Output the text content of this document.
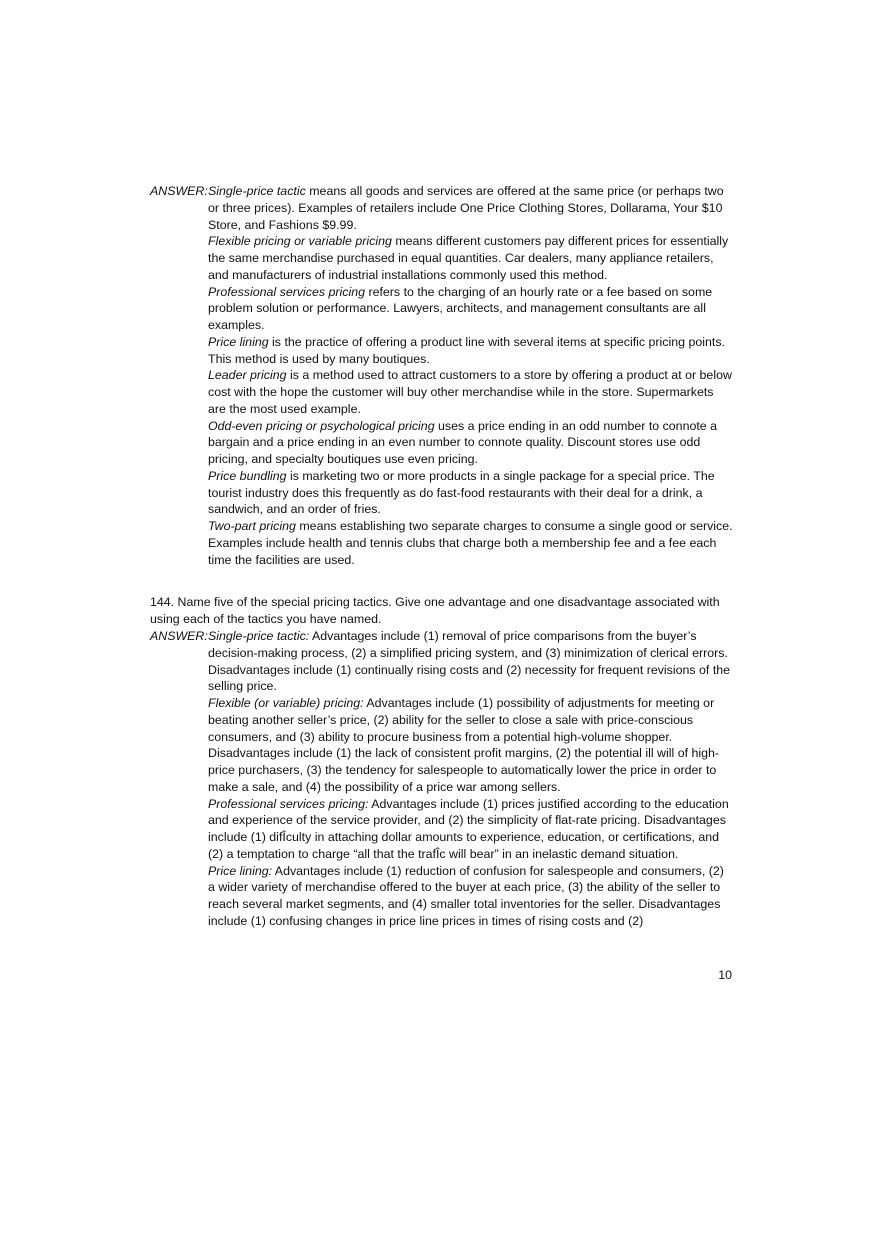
ANSWER: Single-price tactic means all goods and services are offered at the same price (or perhaps two or three prices). Examples of retailers include One Price Clothing Stores, Dollarama, Your $10 Store, and Fashions $9.99.

Flexible pricing or variable pricing means different customers pay different prices for essentially the same merchandise purchased in equal quantities. Car dealers, many appliance retailers, and manufacturers of industrial installations commonly used this method.

Professional services pricing refers to the charging of an hourly rate or a fee based on some problem solution or performance. Lawyers, architects, and management consultants are all examples.

Price lining is the practice of offering a product line with several items at specific pricing points. This method is used by many boutiques.

Leader pricing is a method used to attract customers to a store by offering a product at or below cost with the hope the customer will buy other merchandise while in the store. Supermarkets are the most used example.

Odd-even pricing or psychological pricing uses a price ending in an odd number to connote a bargain and a price ending in an even number to connote quality. Discount stores use odd pricing, and specialty boutiques use even pricing.

Price bundling is marketing two or more products in a single package for a special price. The tourist industry does this frequently as do fast-food restaurants with their deal for a drink, a sandwich, and an order of fries.

Two-part pricing means establishing two separate charges to consume a single good or service. Examples include health and tennis clubs that charge both a membership fee and a fee each time the facilities are used.

144. Name five of the special pricing tactics. Give one advantage and one disadvantage associated with using each of the tactics you have named.

ANSWER: Single-price tactic: Advantages include (1) removal of price comparisons from the buyer’s decision-making process, (2) a simplified pricing system, and (3) minimization of clerical errors. Disadvantages include (1) continually rising costs and (2) necessity for frequent revisions of the selling price.

Flexible (or variable) pricing: Advantages include (1) possibility of adjustments for meeting or beating another seller’s price, (2) ability for the seller to close a sale with price-conscious consumers, and (3) ability to procure business from a potential high-volume shopper. Disadvantages include (1) the lack of consistent profit margins, (2) the potential ill will of high-price purchasers, (3) the tendency for salespeople to automatically lower the price in order to make a sale, and (4) the possibility of a price war among sellers.

Professional services pricing: Advantages include (1) prices justified according to the education and experience of the service provider, and (2) the simplicity of flat-rate pricing. Disadvantages include (1) difÎculty in attaching dollar amounts to experience, education, or certifications, and (2) a temptation to charge “all that the trafÎc will bear” in an inelastic demand situation.

Price lining: Advantages include (1) reduction of confusion for salespeople and consumers, (2) a wider variety of merchandise offered to the buyer at each price, (3) the ability of the seller to reach several market segments, and (4) smaller total inventories for the seller. Disadvantages include (1) confusing changes in price line prices in times of rising costs and (2)

10
